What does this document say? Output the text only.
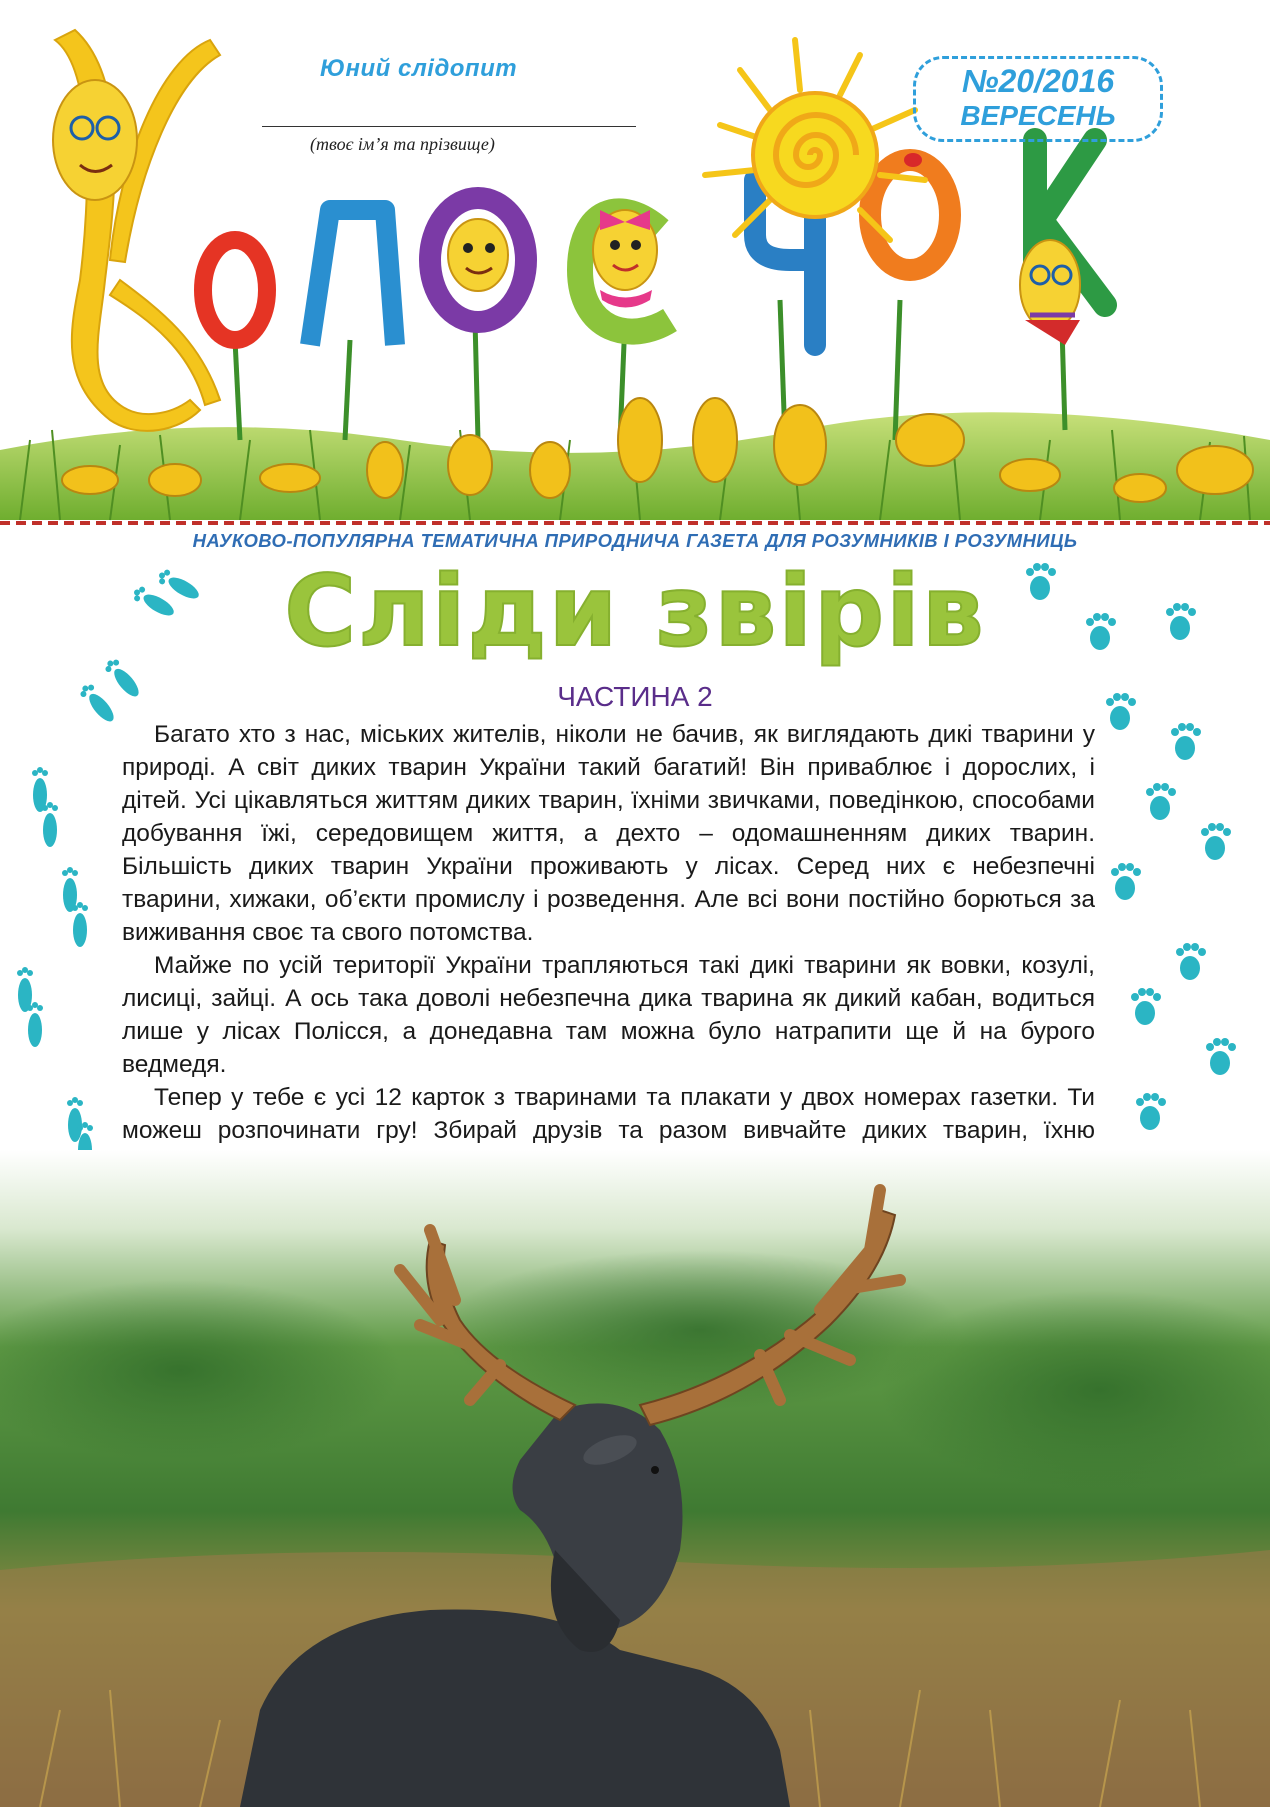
Юний слідопит
(твоє ім’я та прізвище)
№20/2016
ВЕРЕСЕНЬ
НАУКОВО-ПОПУЛЯРНА ТЕМАТИЧНА ПРИРОДНИЧА ГАЗЕТА ДЛЯ РОЗУМНИКІВ І РОЗУМНИЦЬ
Сліди звірів
ЧАСТИНА 2

Багато хто з нас, міських жителів, ніколи не бачив, як виглядають дикі тварини у природі. А світ диких тварин України такий багатий! Він приваблює і дорослих, і дітей. Усі цікавляться життям диких тварин, їхніми звичками, поведінкою, способами добування їжі, середовищем життя, а дехто – одомашненням диких тварин. Більшість диких тварин України проживають у лісах. Серед них є небезпечні тварини, хижаки, об’єкти промислу і розведення. Але всі вони постійно борються за виживання своє та свого потомства.

Майже по усій території України трапляються такі дикі тварини як вовки, козулі, лисиці, зайці. А ось така доволі небезпечна дика тварина як дикий кабан, водиться лише у лісах Полісся, а донедавна там можна було натрапити ще й на бурого ведмедя.

Тепер у тебе є усі 12 карток з тваринами та плакати у двох номерах газетки. Ти можеш розпочинати гру! Збирай друзів та разом вивчайте диких тварин, їхню
